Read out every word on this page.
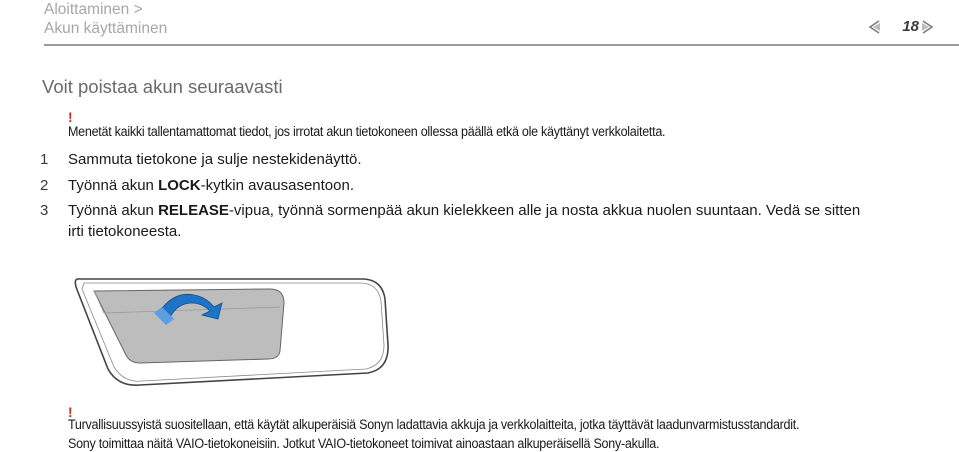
Aloittaminen >
Akun käyttäminen	18
Voit poistaa akun seuraavasti
!
Menetät kaikki tallentamattomat tiedot, jos irrotat akun tietokoneen ollessa päällä etkä ole käyttänyt verkkolaitetta.
1 Sammuta tietokone ja sulje nestekidenäyttö.
2 Työnnä akun LOCK-kytkin avausasentoon.
3 Työnnä akun RELEASE-vipua, työnnä sormenpää akun kielekkeen alle ja nosta akkua nuolen suuntaan. Vedä se sitten
irti tietokoneesta.
!
Turvallisuussyistä suositellaan, että käytät alkuperäisiä Sonyn ladattavia akkuja ja verkkolaitteita, jotka täyttävät laadunvarmistusstandardit.
Sony toimittaa näitä VAIO-tietokoneisiin. Jotkut VAIO-tietokoneet toimivat ainoastaan alkuperäisellä Sony-akulla.
